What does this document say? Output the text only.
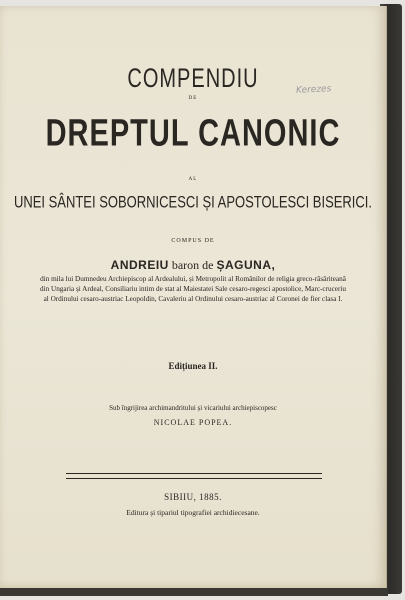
Kerezes
COMPENDIU
DE
DREPTUL CANONIC
AL
UNEI SÂNTEI SOBORNICESCI ȘI APOSTOLESCI BISERICI.
COMPUS DE
ANDREIU baron de ȘAGUNA,
din mila lui Dumnedeu Archiepiscop al Ardealului, și Metropolit al Românilor de religia greco-răsăriteană din Ungaria și Ardeal, Consiliariu intim de stat al Maiestatei Sale cesaro-regesci apostolice, Marc-cruceriu al Ordinului cesaro-austriac Leopoldin, Cavaleriu al Ordinului cesaro-austriac al Coronei de fier clasa I.
Edițiunea II.
Sub îngrijirea archimandritului și vicariului archiepiscopesc
NICOLAE POPEA.
SIBIIU, 1885.
Editura și tipariul tipografiei archidiecesane.
